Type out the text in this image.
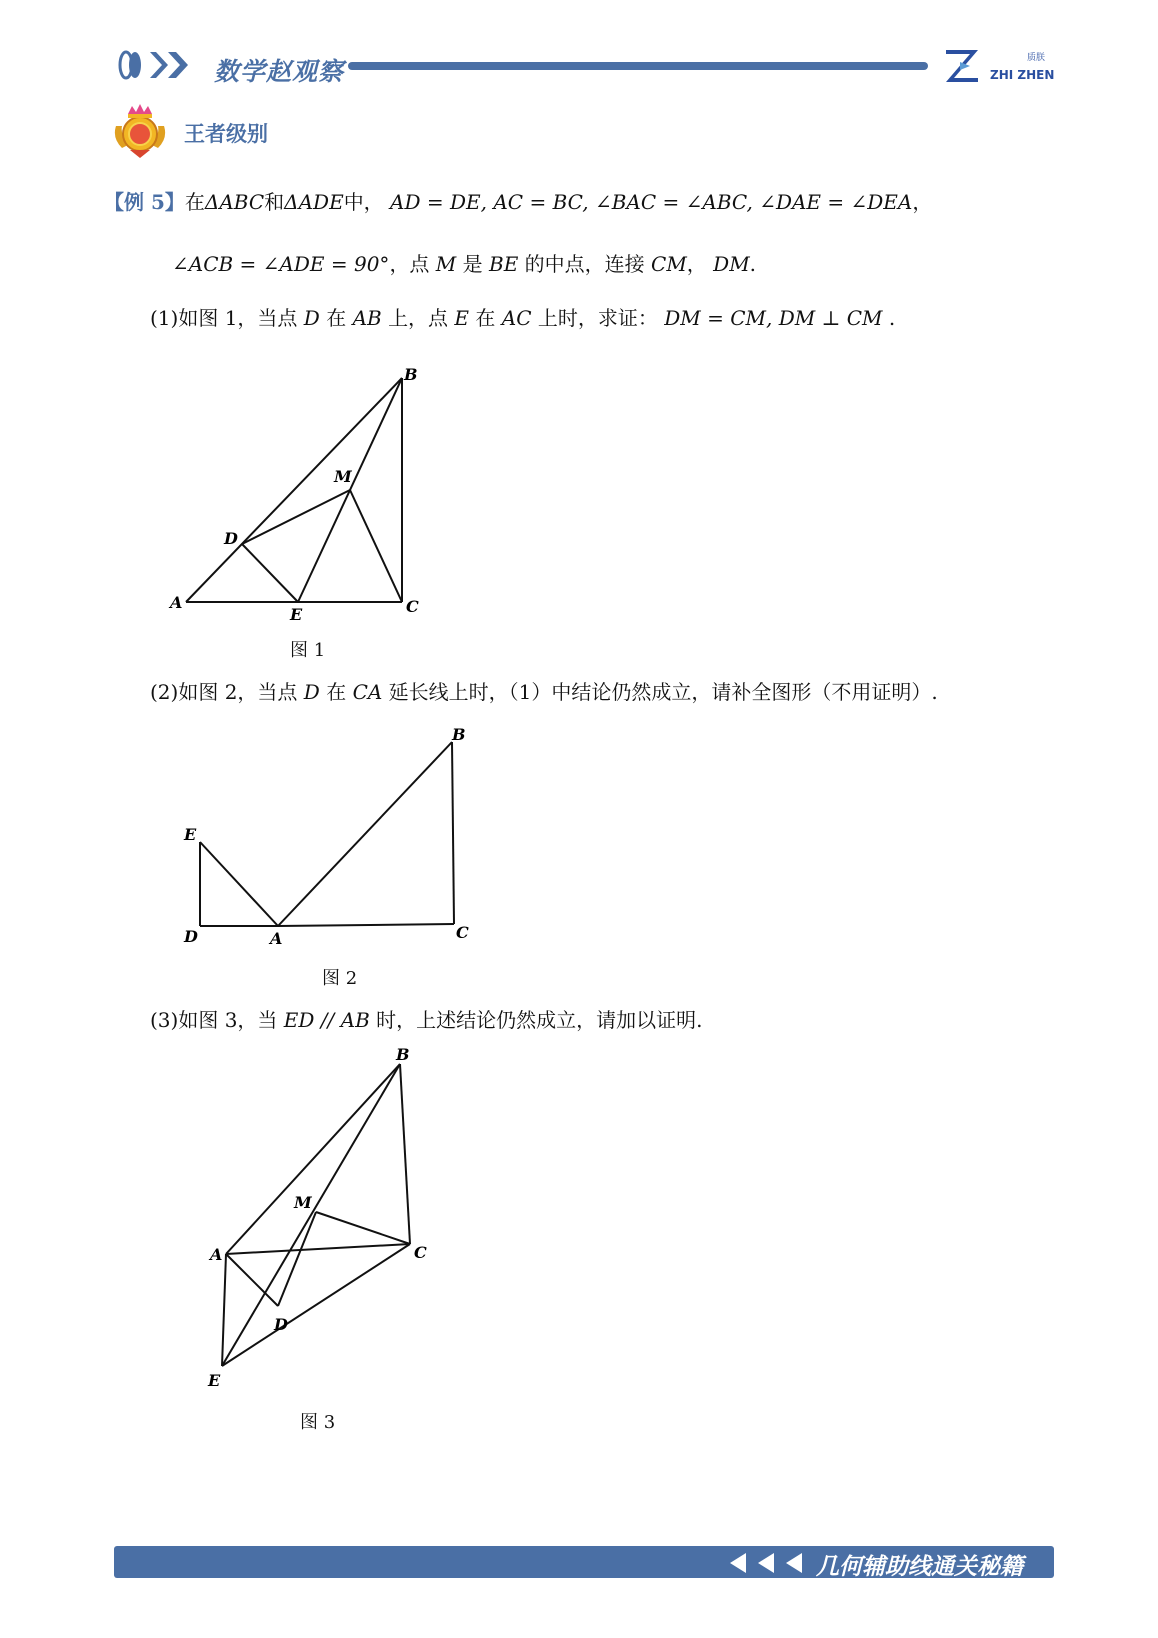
数学赵观察	质朕
ZHI ZHEN
王者级别
【例 5】在ΔABC和ΔADE中， AD = DE, AC = BC, ∠BAC = ∠ABC, ∠DAE = ∠DEA，
∠ACB = ∠ADE = 90°，点 M 是 BE 的中点，连接 CM， DM.
(1)如图 1，当点 D 在 AB 上，点 E 在 AC 上时，求证： DM = CM, DM ⊥ CM .
A
B
C
D
E
M
图 1
(2)如图 2，当点 D 在 CA 延长线上时，（1）中结论仍然成立，请补全图形（不用证明）.
E
D	A	C
B
图 2
(3)如图 3，当 ED // AB 时，上述结论仍然成立，请加以证明.
A
B
C
D
E
M
图 3
几何辅助线通关秘籍
